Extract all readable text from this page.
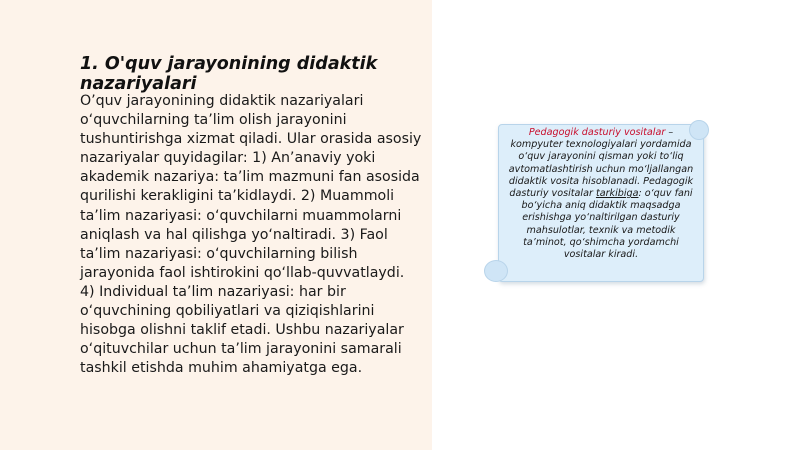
1. O'quv jarayonining didaktik nazariyalari

O’quv jarayonining didaktik nazariyalari o‘quvchilarning ta’lim olish jarayonini tushuntirishga xizmat qiladi. Ular orasida asosiy nazariyalar quyidagilar: 1) An’anaviy yoki akademik nazariya: ta’lim mazmuni fan asosida qurilishi kerakligini ta’kidlaydi. 2) Muammoli ta’lim nazariyasi: o‘quvchilarni muammolarni aniqlash va hal qilishga yo‘naltiradi. 3) Faol ta’lim nazariyasi: o‘quvchilarning bilish jarayonida faol ishtirokini qo‘llab-quvvatlaydi. 4) Individual ta’lim nazariyasi: har bir o‘quvchining qobiliyatlari va qiziqishlarini hisobga olishni taklif etadi. Ushbu nazariyalar o‘qituvchilar uchun ta’lim jarayonini samarali tashkil etishda muhim ahamiyatga ega.

Pedagogik dasturiy vositalar – kompyuter texnologiyalari yordamida o‘quv jarayonini qisman yoki to‘liq avtomatlashtirish uchun mo‘ljallangan didaktik vosita hisoblanadi. Pedagogik dasturiy vositalar tarkibiga: o‘quv fani bo‘yicha aniq didaktik maqsadga erishishga yo‘naltirilgan dasturiy mahsulotlar, texnik va metodik ta’minot, qo‘shimcha yordamchi vositalar kiradi.
